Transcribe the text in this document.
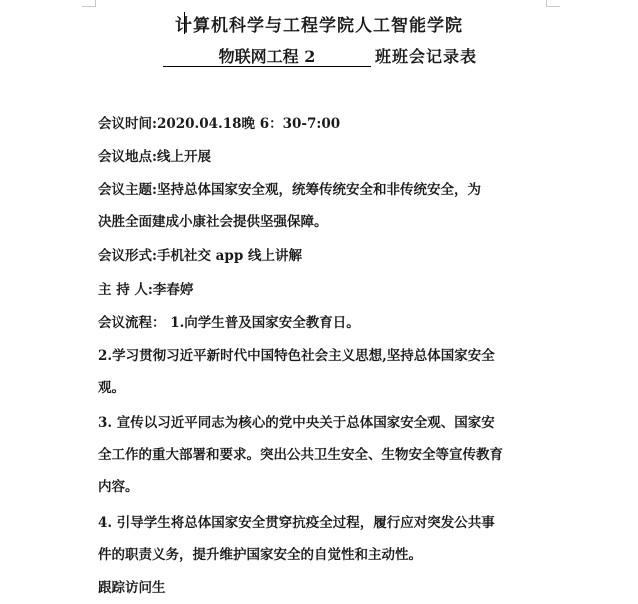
计算机科学与工程学院人工智能学院
物联网工程 2	班班会记录表
会议时间:2020.04.18晚 6：30-7:00
会议地点:线上开展
会议主题:坚持总体国家安全观，统筹传统安全和非传统安全，为
决胜全面建成小康社会提供坚强保障。
会议形式:手机社交 app 线上讲解
主 持 人:李春婷
会议流程： 1.向学生普及国家安全教育日。
2.学习贯彻习近平新时代中国特色社会主义思想,坚持总体国家安全
观。
3. 宣传以习近平同志为核心的党中央关于总体国家安全观、国家安
全工作的重大部署和要求。突出公共卫生安全、生物安全等宣传教育
内容。
4. 引导学生将总体国家安全贯穿抗疫全过程，履行应对突发公共事
件的职责义务，提升维护国家安全的自觉性和主动性。
跟踪访问生
